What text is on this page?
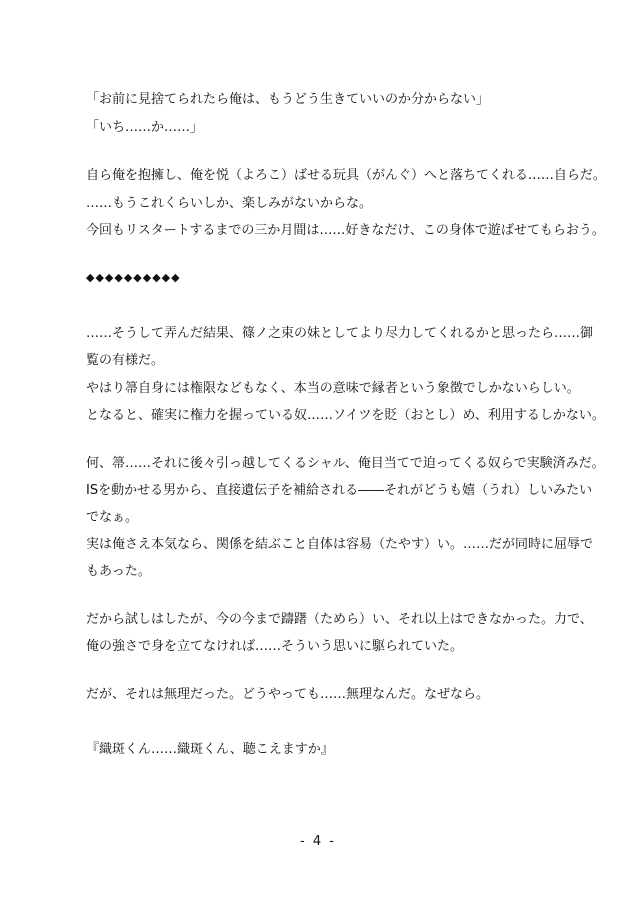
「お前に見捨てられたら俺は、もうどう生きていいのか分からない」
「いち……か……」
自ら俺を抱擁し、俺を悦（よろこ）ばせる玩具（がんぐ）へと落ちてくれる……自らだ。
……もうこれくらいしか、楽しみがないからな。
今回もリスタートするまでの三か月間は……好きなだけ、この身体で遊ばせてもらおう。
◆◆◆◆◆◆◆◆◆◆
……そうして弄んだ結果、篠ノ之束の妹としてより尽力してくれるかと思ったら……御
覧の有様だ。
やはり箒自身には権限などもなく、本当の意味で縁者という象徴でしかないらしい。
となると、確実に権力を握っている奴……ソイツを貶（おとし）め、利用するしかない。
何、箒……それに後々引っ越してくるシャル、俺目当てで迫ってくる奴らで実験済みだ。
ISを動かせる男から、直接遺伝子を補給される――それがどうも嬉（うれ）しいみたい
でなぁ。
実は俺さえ本気なら、関係を結ぶこと自体は容易（たやす）い。……だが同時に屈辱で
もあった。
だから試しはしたが、今の今まで躊躇（ためら）い、それ以上はできなかった。力で、
俺の強さで身を立てなければ……そういう思いに駆られていた。
だが、それは無理だった。どうやっても……無理なんだ。なぜなら。
『織斑くん……織斑くん、聴こえますか』
- 4 -
